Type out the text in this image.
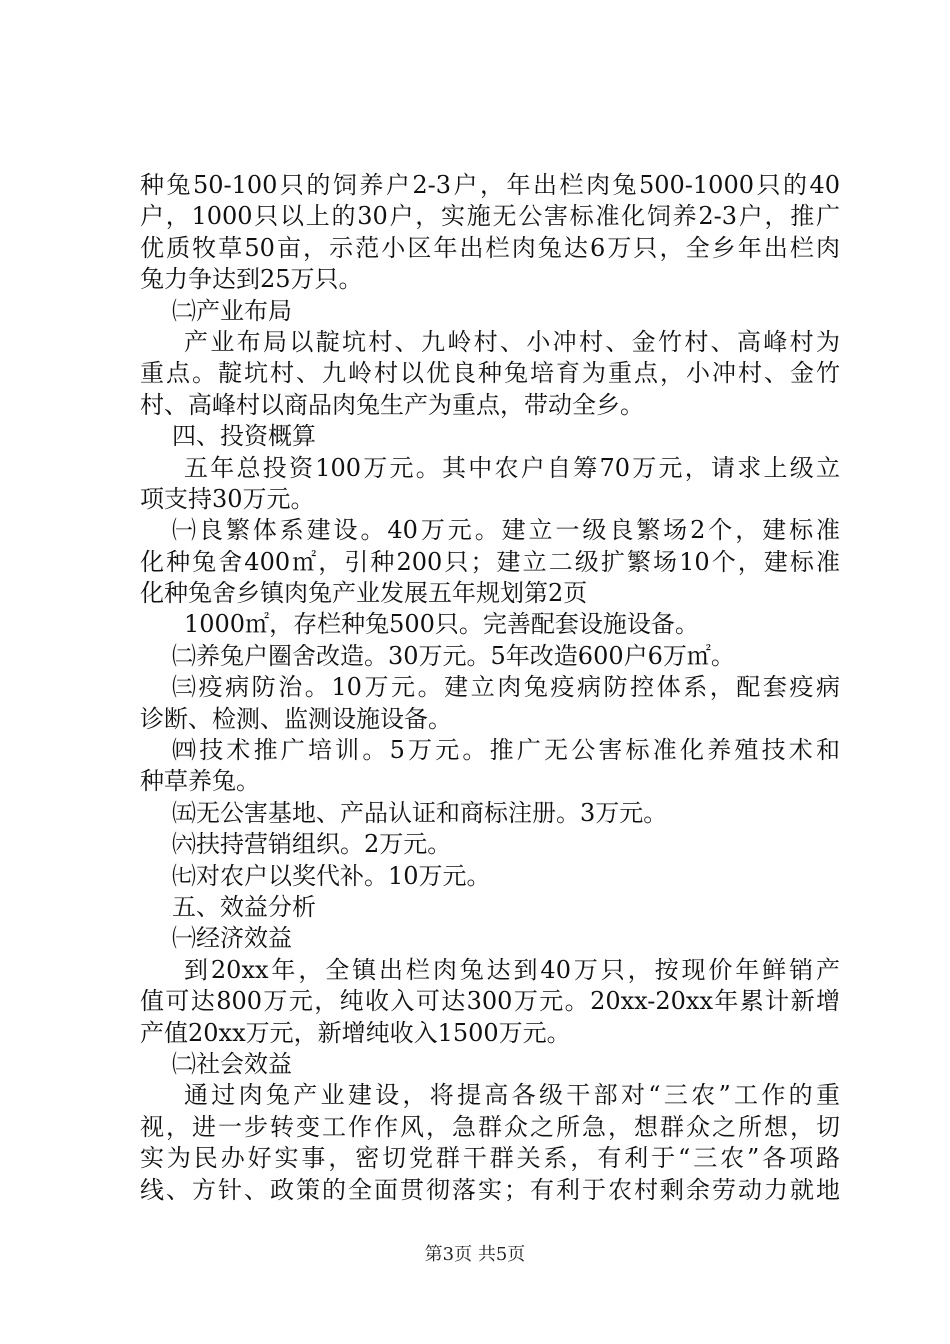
种兔50-100只的饲养户2-3户，年出栏肉兔500-1000只的40
户，1000只以上的30户，实施无公害标准化饲养2-3户，推广
优质牧草50亩，示范小区年出栏肉兔达6万只，全乡年出栏肉
兔力争达到25万只。
㈡产业布局
产业布局以靛坑村、九岭村、小冲村、金竹村、高峰村为
重点。靛坑村、九岭村以优良种兔培育为重点，小冲村、金竹
村、高峰村以商品肉兔生产为重点，带动全乡。
四、投资概算
五年总投资100万元。其中农户自筹70万元，请求上级立
项支持30万元。
㈠良繁体系建设。40万元。建立一级良繁场2个，建标准
化种兔舍400㎡，引种200只；建立二级扩繁场10个，建标准
化种兔舍乡镇肉兔产业发展五年规划第2页
1000㎡，存栏种兔500只。完善配套设施设备。
㈡养兔户圈舍改造。30万元。5年改造600户6万㎡。
㈢疫病防治。10万元。建立肉兔疫病防控体系，配套疫病
诊断、检测、监测设施设备。
㈣技术推广培训。5万元。推广无公害标准化养殖技术和
种草养兔。
㈤无公害基地、产品认证和商标注册。3万元。
㈥扶持营销组织。2万元。
㈦对农户以奖代补。10万元。
五、效益分析
㈠经济效益
到20xx年，全镇出栏肉兔达到40万只，按现价年鲜销产
值可达800万元，纯收入可达300万元。20xx-20xx年累计新增
产值20xx万元，新增纯收入1500万元。
㈡社会效益
通过肉兔产业建设，将提高各级干部对“三农”工作的重
视，进一步转变工作作风，急群众之所急，想群众之所想，切
实为民办好实事，密切党群干群关系，有利于“三农”各项路
线、方针、政策的全面贯彻落实；有利于农村剩余劳动力就地
第3页 共5页
